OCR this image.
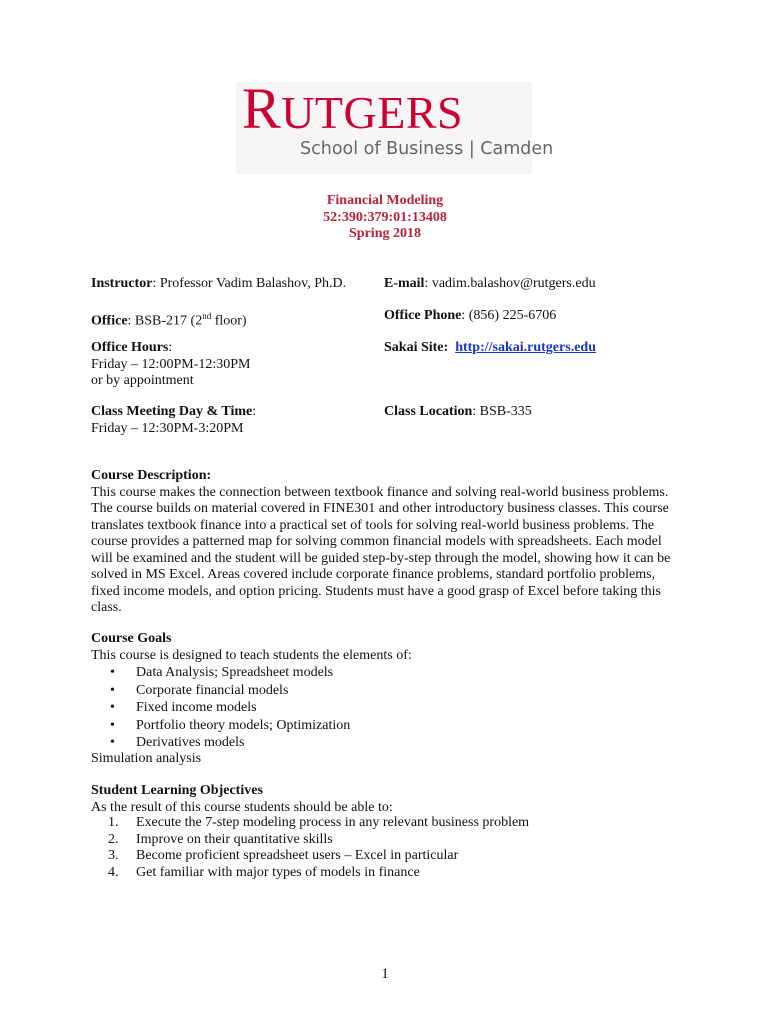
RUTGERS
School of Business | Camden
Financial Modeling
52:390:379:01:13408
Spring 2018
Instructor: Professor Vadim Balashov, Ph.D.	E-mail: vadim.balashov@rutgers.edu
Office: BSB-217 (2nd floor)	Office Phone: (856) 225-6706
Office Hours:
Friday – 12:00PM-12:30PM
or by appointment
Sakai Site: http://sakai.rutgers.edu
Class Meeting Day & Time:
Friday – 12:30PM-3:20PM
Class Location: BSB-335
Course Description:
This course makes the connection between textbook finance and solving real-world business problems. The course builds on material covered in FINE301 and other introductory business classes. This course translates textbook finance into a practical set of tools for solving real-world business problems. The course provides a patterned map for solving common financial models with spreadsheets. Each model will be examined and the student will be guided step-by-step through the model, showing how it can be solved in MS Excel. Areas covered include corporate finance problems, standard portfolio problems, fixed income models, and option pricing. Students must have a good grasp of Excel before taking this class.
Course Goals
This course is designed to teach students the elements of:
• Data Analysis; Spreadsheet models
• Corporate financial models
• Fixed income models
• Portfolio theory models; Optimization
• Derivatives models
Simulation analysis
Student Learning Objectives
As the result of this course students should be able to:
1. Execute the 7-step modeling process in any relevant business problem
2. Improve on their quantitative skills
3. Become proficient spreadsheet users – Excel in particular
4. Get familiar with major types of models in finance
1
